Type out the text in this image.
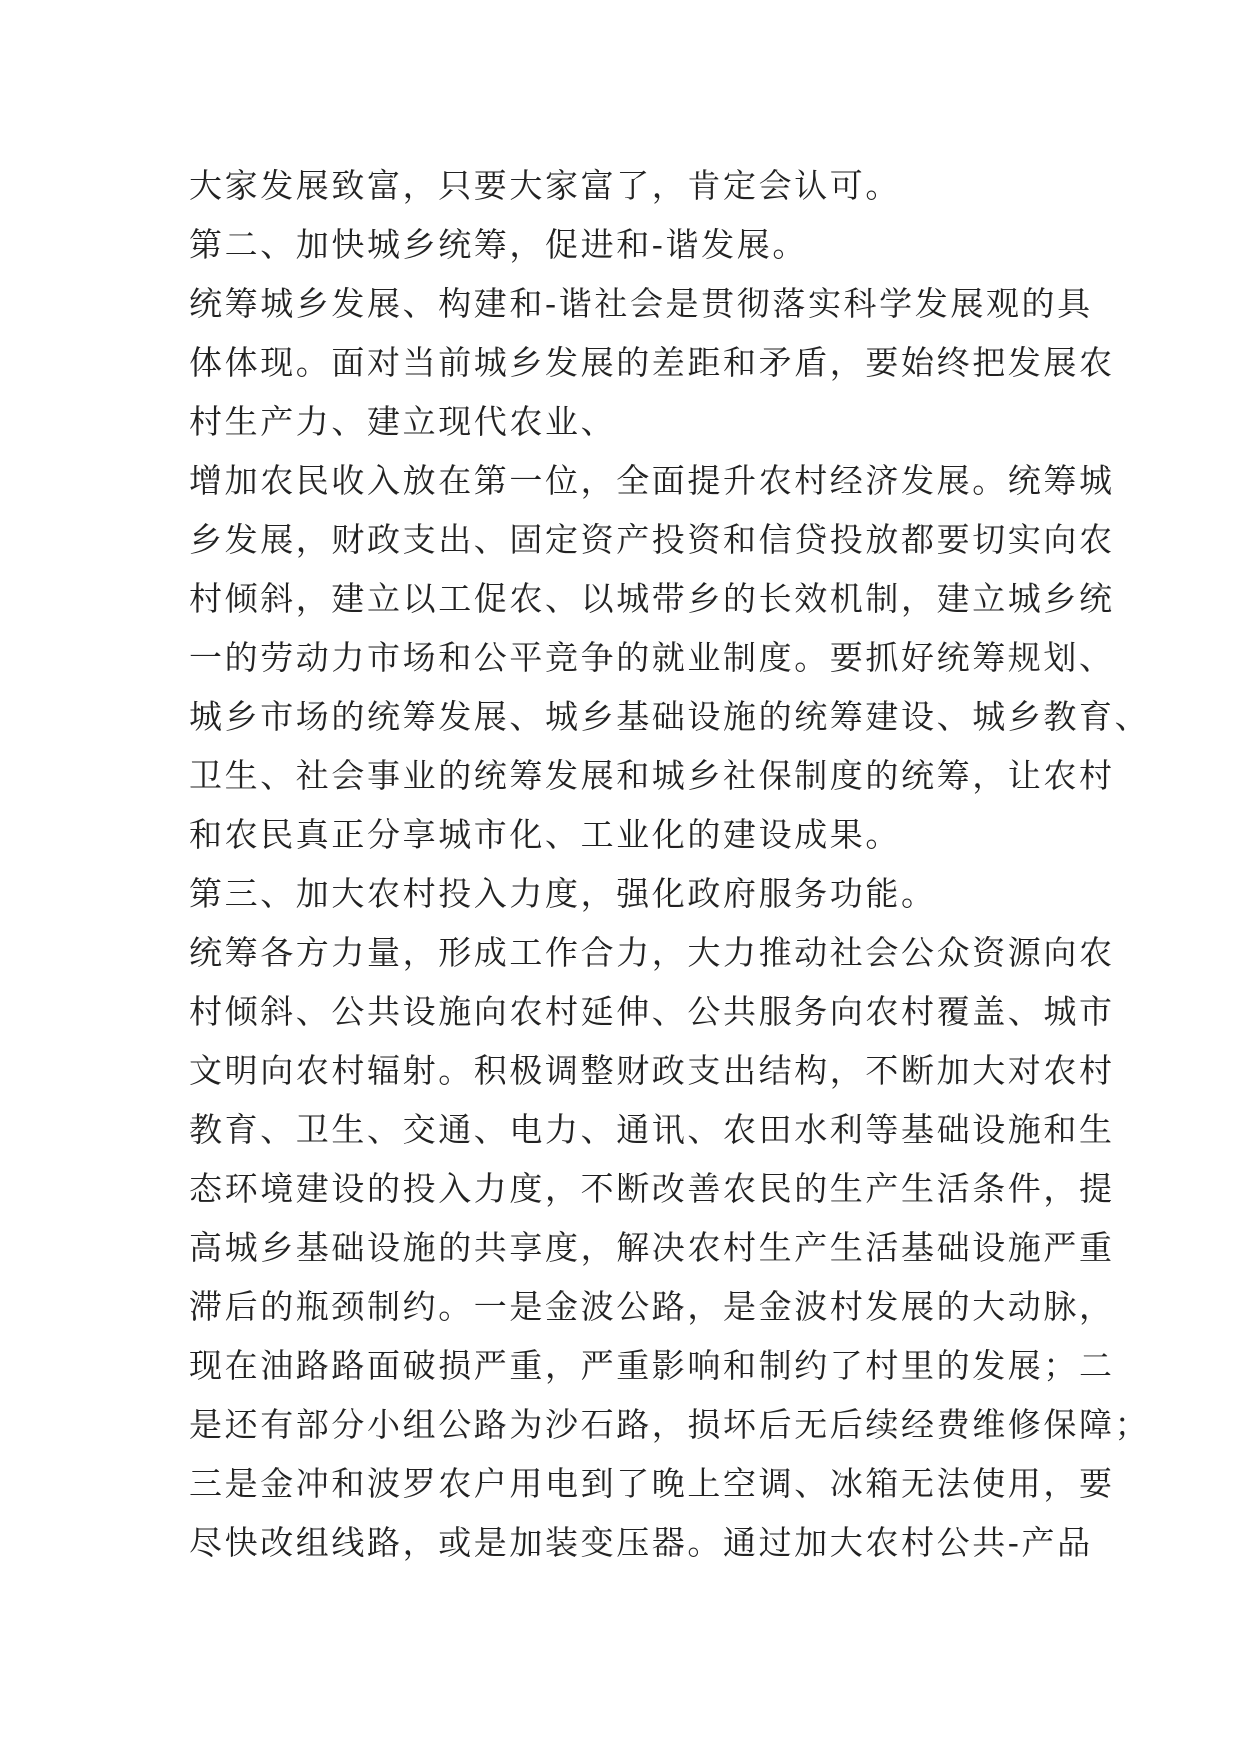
大家发展致富，只要大家富了，肯定会认可。
第二、加快城乡统筹，促进和-谐发展。
统筹城乡发展、构建和-谐社会是贯彻落实科学发展观的具
体体现。面对当前城乡发展的差距和矛盾，要始终把发展农
村生产力、建立现代农业、
增加农民收入放在第一位，全面提升农村经济发展。统筹城
乡发展，财政支出、固定资产投资和信贷投放都要切实向农
村倾斜，建立以工促农、以城带乡的长效机制，建立城乡统
一的劳动力市场和公平竞争的就业制度。要抓好统筹规划、
城乡市场的统筹发展、城乡基础设施的统筹建设、城乡教育、
卫生、社会事业的统筹发展和城乡社保制度的统筹，让农村
和农民真正分享城市化、工业化的建设成果。
第三、加大农村投入力度，强化政府服务功能。
统筹各方力量，形成工作合力，大力推动社会公众资源向农
村倾斜、公共设施向农村延伸、公共服务向农村覆盖、城市
文明向农村辐射。积极调整财政支出结构，不断加大对农村
教育、卫生、交通、电力、通讯、农田水利等基础设施和生
态环境建设的投入力度，不断改善农民的生产生活条件，提
高城乡基础设施的共享度，解决农村生产生活基础设施严重
滞后的瓶颈制约。一是金波公路，是金波村发展的大动脉，
现在油路路面破损严重，严重影响和制约了村里的发展；二
是还有部分小组公路为沙石路，损坏后无后续经费维修保障；
三是金冲和波罗农户用电到了晚上空调、冰箱无法使用，要
尽快改组线路，或是加装变压器。通过加大农村公共-产品
